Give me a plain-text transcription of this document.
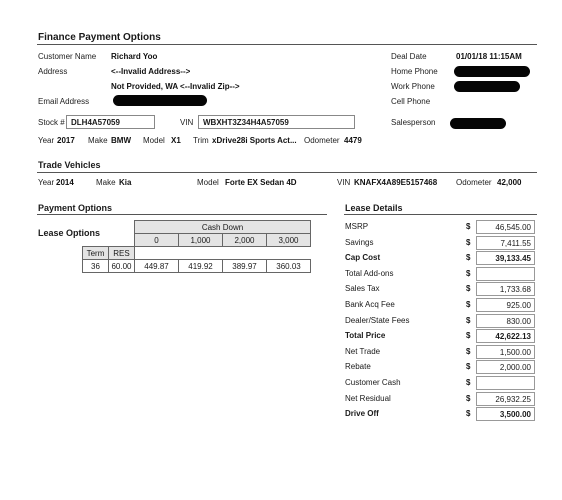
Finance Payment Options
Customer Name Richard Yoo
Address	<--Invalid Address-->
Not Provided, WA <--Invalid Zip-->
Email Address
Deal Date	01/01/18 11:15AM
Home Phone
Work Phone
Cell Phone
Salesperson
Stock # DLH4A57059	VIN	WBXHT3Z34H4A57059
Year 2017 Make BMW Model X1 Trim xDrive28i Sports Act... Odometer 4479
Trade Vehicles
Year 2014	Make Kia	Model Forte EX Sedan 4D	VIN KNAFX4A89E5157468 Odometer 42,000
Payment Options
Lease Options
		Cash Down			
		0	1,000	2,000	3,000
Term	RES				
36	60.00	449.87	419.92	389.97	360.03
Lease Details
MSRP	$	46,545.00
Savings	$	7,411.55
Cap Cost	$	39,133.45
Total Add-ons	$
Sales Tax	$	1,733.68
Bank Acq Fee	$	925.00
Dealer/State Fees	$	830.00
Total Price	$	42,622.13
Net Trade	$	1,500.00
Rebate	$	2,000.00
Customer Cash	$
Net Residual	$	26,932.25
Drive Off	$	3,500.00
